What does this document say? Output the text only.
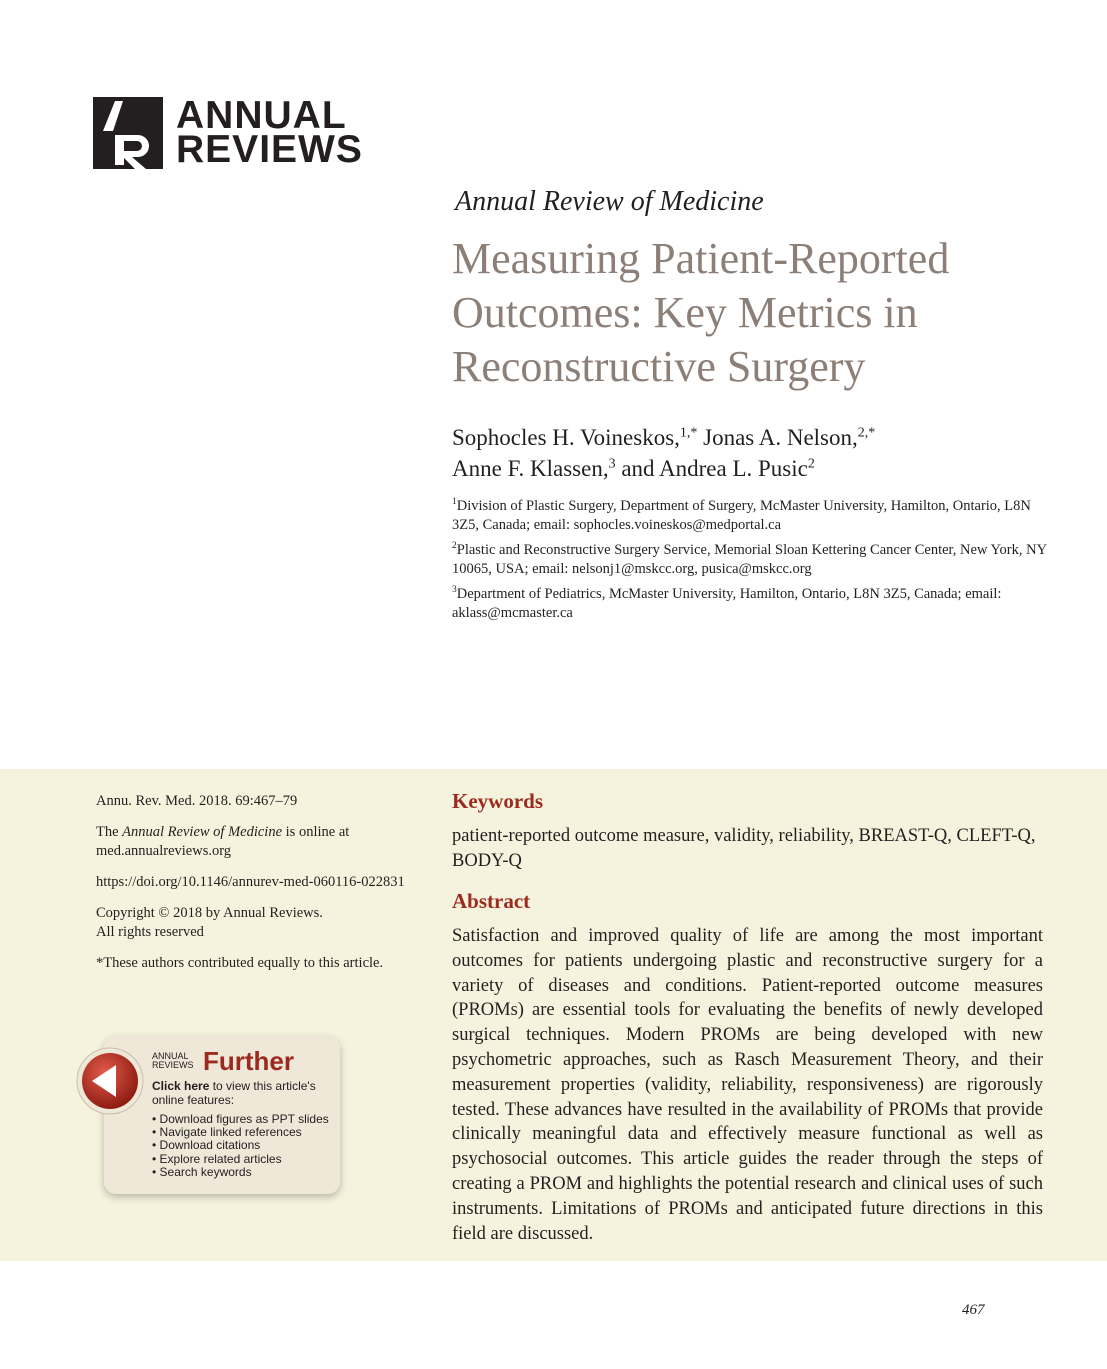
ANNUAL
REVIEWS
Annual Review of Medicine
Measuring Patient-Reported Outcomes: Key Metrics in Reconstructive Surgery

Sophocles H. Voineskos,$^{1,*}$ Jonas A. Nelson,$^{2,*}$
Anne F. Klassen,$^3$ and Andrea L. Pusic$^2$

$^1$Division of Plastic Surgery, Department of Surgery, McMaster University, Hamilton, Ontario, L8N 3Z5, Canada; email: sophocles.voineskos@medportal.ca

$^2$Plastic and Reconstructive Surgery Service, Memorial Sloan Kettering Cancer Center, New York, NY 10065, USA; email: nelsonj1@mskcc.org, pusica@mskcc.org

$^3$Department of Pediatrics, McMaster University, Hamilton, Ontario, L8N 3Z5, Canada; email: aklass@mcmaster.ca

Annu. Rev. Med. 2018. 69:467–79

The Annual Review of Medicine is online at med.annualreviews.org

https://doi.org/10.1146/annurev-med-060116-022831

Copyright © 2018 by Annual Reviews.
All rights reserved

*These authors contributed equally to this article.

ANNUAL
REVIEWS Further
Click here to view this article's online features:
• Download figures as PPT slides
• Navigate linked references
• Download citations
• Explore related articles
• Search keywords
Keywords
patient-reported outcome measure, validity, reliability, BREAST-Q, CLEFT-Q, BODY-Q
Abstract

Satisfaction and improved quality of life are among the most important outcomes for patients undergoing plastic and reconstructive surgery for a variety of diseases and conditions. Patient-reported outcome measures (PROMs) are essential tools for evaluating the benefits of newly developed surgical techniques. Modern PROMs are being developed with new psychometric approaches, such as Rasch Measurement Theory, and their measurement properties (validity, reliability, responsiveness) are rigorously tested. These advances have resulted in the availability of PROMs that provide clinically meaningful data and effectively measure functional as well as psychosocial outcomes. This article guides the reader through the steps of creating a PROM and highlights the potential research and clinical uses of such instruments. Limitations of PROMs and anticipated future directions in this field are discussed.

467
